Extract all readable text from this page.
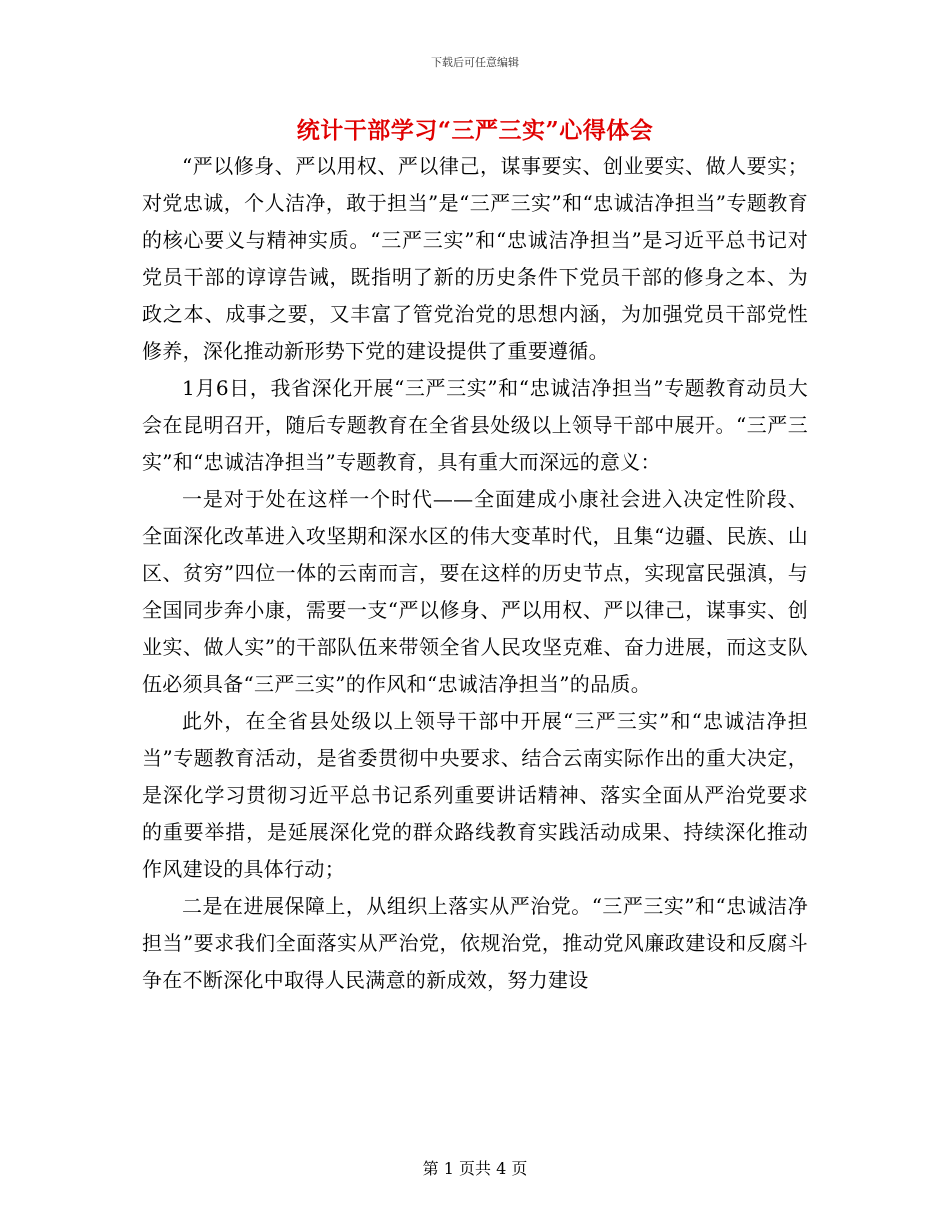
下载后可任意编辑
统计干部学习“三严三实”心得体会

“严以修身、严以用权、严以律己，谋事要实、创业要实、做人要实；对党忠诚，个人洁净，敢于担当”是“三严三实”和“忠诚洁净担当”专题教育的核心要义与精神实质。“三严三实”和“忠诚洁净担当”是习近平总书记对党员干部的谆谆告诫，既指明了新的历史条件下党员干部的修身之本、为政之本、成事之要，又丰富了管党治党的思想内涵，为加强党员干部党性修养，深化推动新形势下党的建设提供了重要遵循。

1月6日，我省深化开展“三严三实”和“忠诚洁净担当”专题教育动员大会在昆明召开，随后专题教育在全省县处级以上领导干部中展开。“三严三实”和“忠诚洁净担当”专题教育，具有重大而深远的意义：

一是对于处在这样一个时代——全面建成小康社会进入决定性阶段、全面深化改革进入攻坚期和深水区的伟大变革时代，且集“边疆、民族、山区、贫穷”四位一体的云南而言，要在这样的历史节点，实现富民强滇，与全国同步奔小康，需要一支“严以修身、严以用权、严以律己，谋事实、创业实、做人实”的干部队伍来带领全省人民攻坚克难、奋力进展，而这支队伍必须具备“三严三实”的作风和“忠诚洁净担当”的品质。

此外，在全省县处级以上领导干部中开展“三严三实”和“忠诚洁净担当”专题教育活动，是省委贯彻中央要求、结合云南实际作出的重大决定，是深化学习贯彻习近平总书记系列重要讲话精神、落实全面从严治党要求的重要举措，是延展深化党的群众路线教育实践活动成果、持续深化推动作风建设的具体行动；

二是在进展保障上，从组织上落实从严治党。“三严三实”和“忠诚洁净担当”要求我们全面落实从严治党，依规治党，推动党风廉政建设和反腐斗争在不断深化中取得人民满意的新成效，努力建设

第 1 页共 4 页
